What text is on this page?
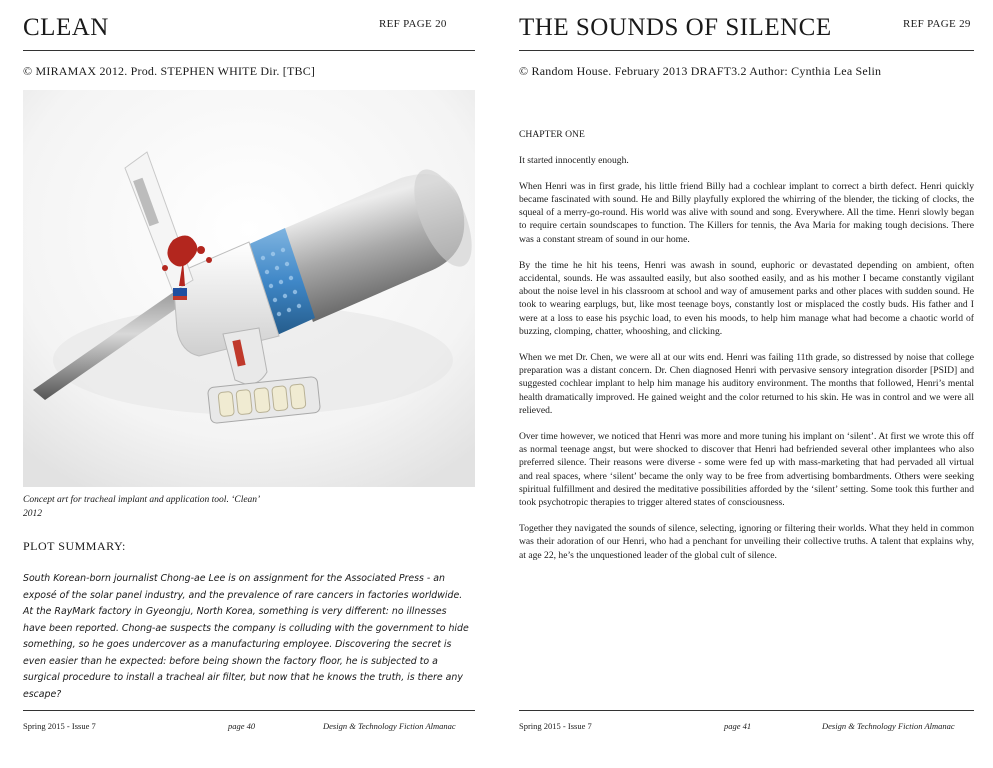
CLEAN	REF PAGE 20
© MIRAMAX 2012. Prod. STEPHEN WHITE Dir. [TBC]
Concept art for tracheal implant and application tool. ‘Clean’ 2012
PLOT SUMMARY:
South Korean-born journalist Chong-ae Lee is on assignment for the Associated Press - an exposé of the solar panel industry, and the prevalence of rare cancers in factories worldwide. At the RayMark factory in Gyeongju, North Korea, something is very different: no illnesses have been reported. Chong-ae suspects the company is colluding with the government to hide something, so he goes undercover as a manufacturing employee. Discovering the secret is even easier than he expected: before being shown the factory floor, he is subjected to a surgical procedure to install a tracheal air filter, but now that he knows the truth, is there any escape?
Spring 2015 - Issue 7	page 40	Design & Technology Fiction Almanac
THE SOUNDS OF SILENCE	REF PAGE 29
© Random House. February 2013 DRAFT3.2 Author: Cynthia Lea Selin

CHAPTER ONE

It started innocently enough.

When Henri was in first grade, his little friend Billy had a cochlear implant to correct a birth defect. Henri quickly became fascinated with sound. He and Billy playfully explored the whirring of the blender, the ticking of clocks, the squeal of a merry-go-round. His world was alive with sound and song. Everywhere. All the time. Henri slowly began to require certain soundscapes to function. The Killers for tennis, the Ava Maria for making tough decisions. There was a constant stream of sound in our home.

By the time he hit his teens, Henri was awash in sound, euphoric or devastated depending on ambient, often accidental, sounds. He was assaulted easily, but also soothed easily, and as his mother I became constantly vigilant about the noise level in his classroom at school and way of amusement parks and other places with sudden sound. He took to wearing earplugs, but, like most teenage boys, constantly lost or misplaced the costly buds. His father and I were at a loss to ease his psychic load, to even his moods, to help him manage what had become a chaotic world of buzzing, clomping, chatter, whooshing, and clicking.

When we met Dr. Chen, we were all at our wits end. Henri was failing 11th grade, so distressed by noise that college preparation was a distant concern. Dr. Chen diagnosed Henri with pervasive sensory integration disorder [PSID] and suggested cochlear implant to help him manage his auditory environment. The months that followed, Henri’s mental health dramatically improved. He gained weight and the color returned to his skin. He was in control and we were all relieved.

Over time however, we noticed that Henri was more and more tuning his implant on ‘silent’. At first we wrote this off as normal teenage angst, but were shocked to discover that Henri had befriended several other implantees who also preferred silence. Their reasons were diverse - some were fed up with mass-marketing that had pervaded all virtual and real spaces, where ‘silent’ became the only way to be free from advertising bombardments. Others were seeking spiritual fulfillment and desired the meditative possibilities afforded by the ‘silent’ setting. Some took this further and took psychotropic therapies to trigger altered states of consciousness.

Together they navigated the sounds of silence, selecting, ignoring or filtering their worlds. What they held in common was their adoration of our Henri, who had a penchant for unveiling their collective truths. A talent that explains why, at age 22, he’s the unquestioned leader of the global cult of silence.

Spring 2015 - Issue 7	page 41	Design & Technology Fiction Almanac
